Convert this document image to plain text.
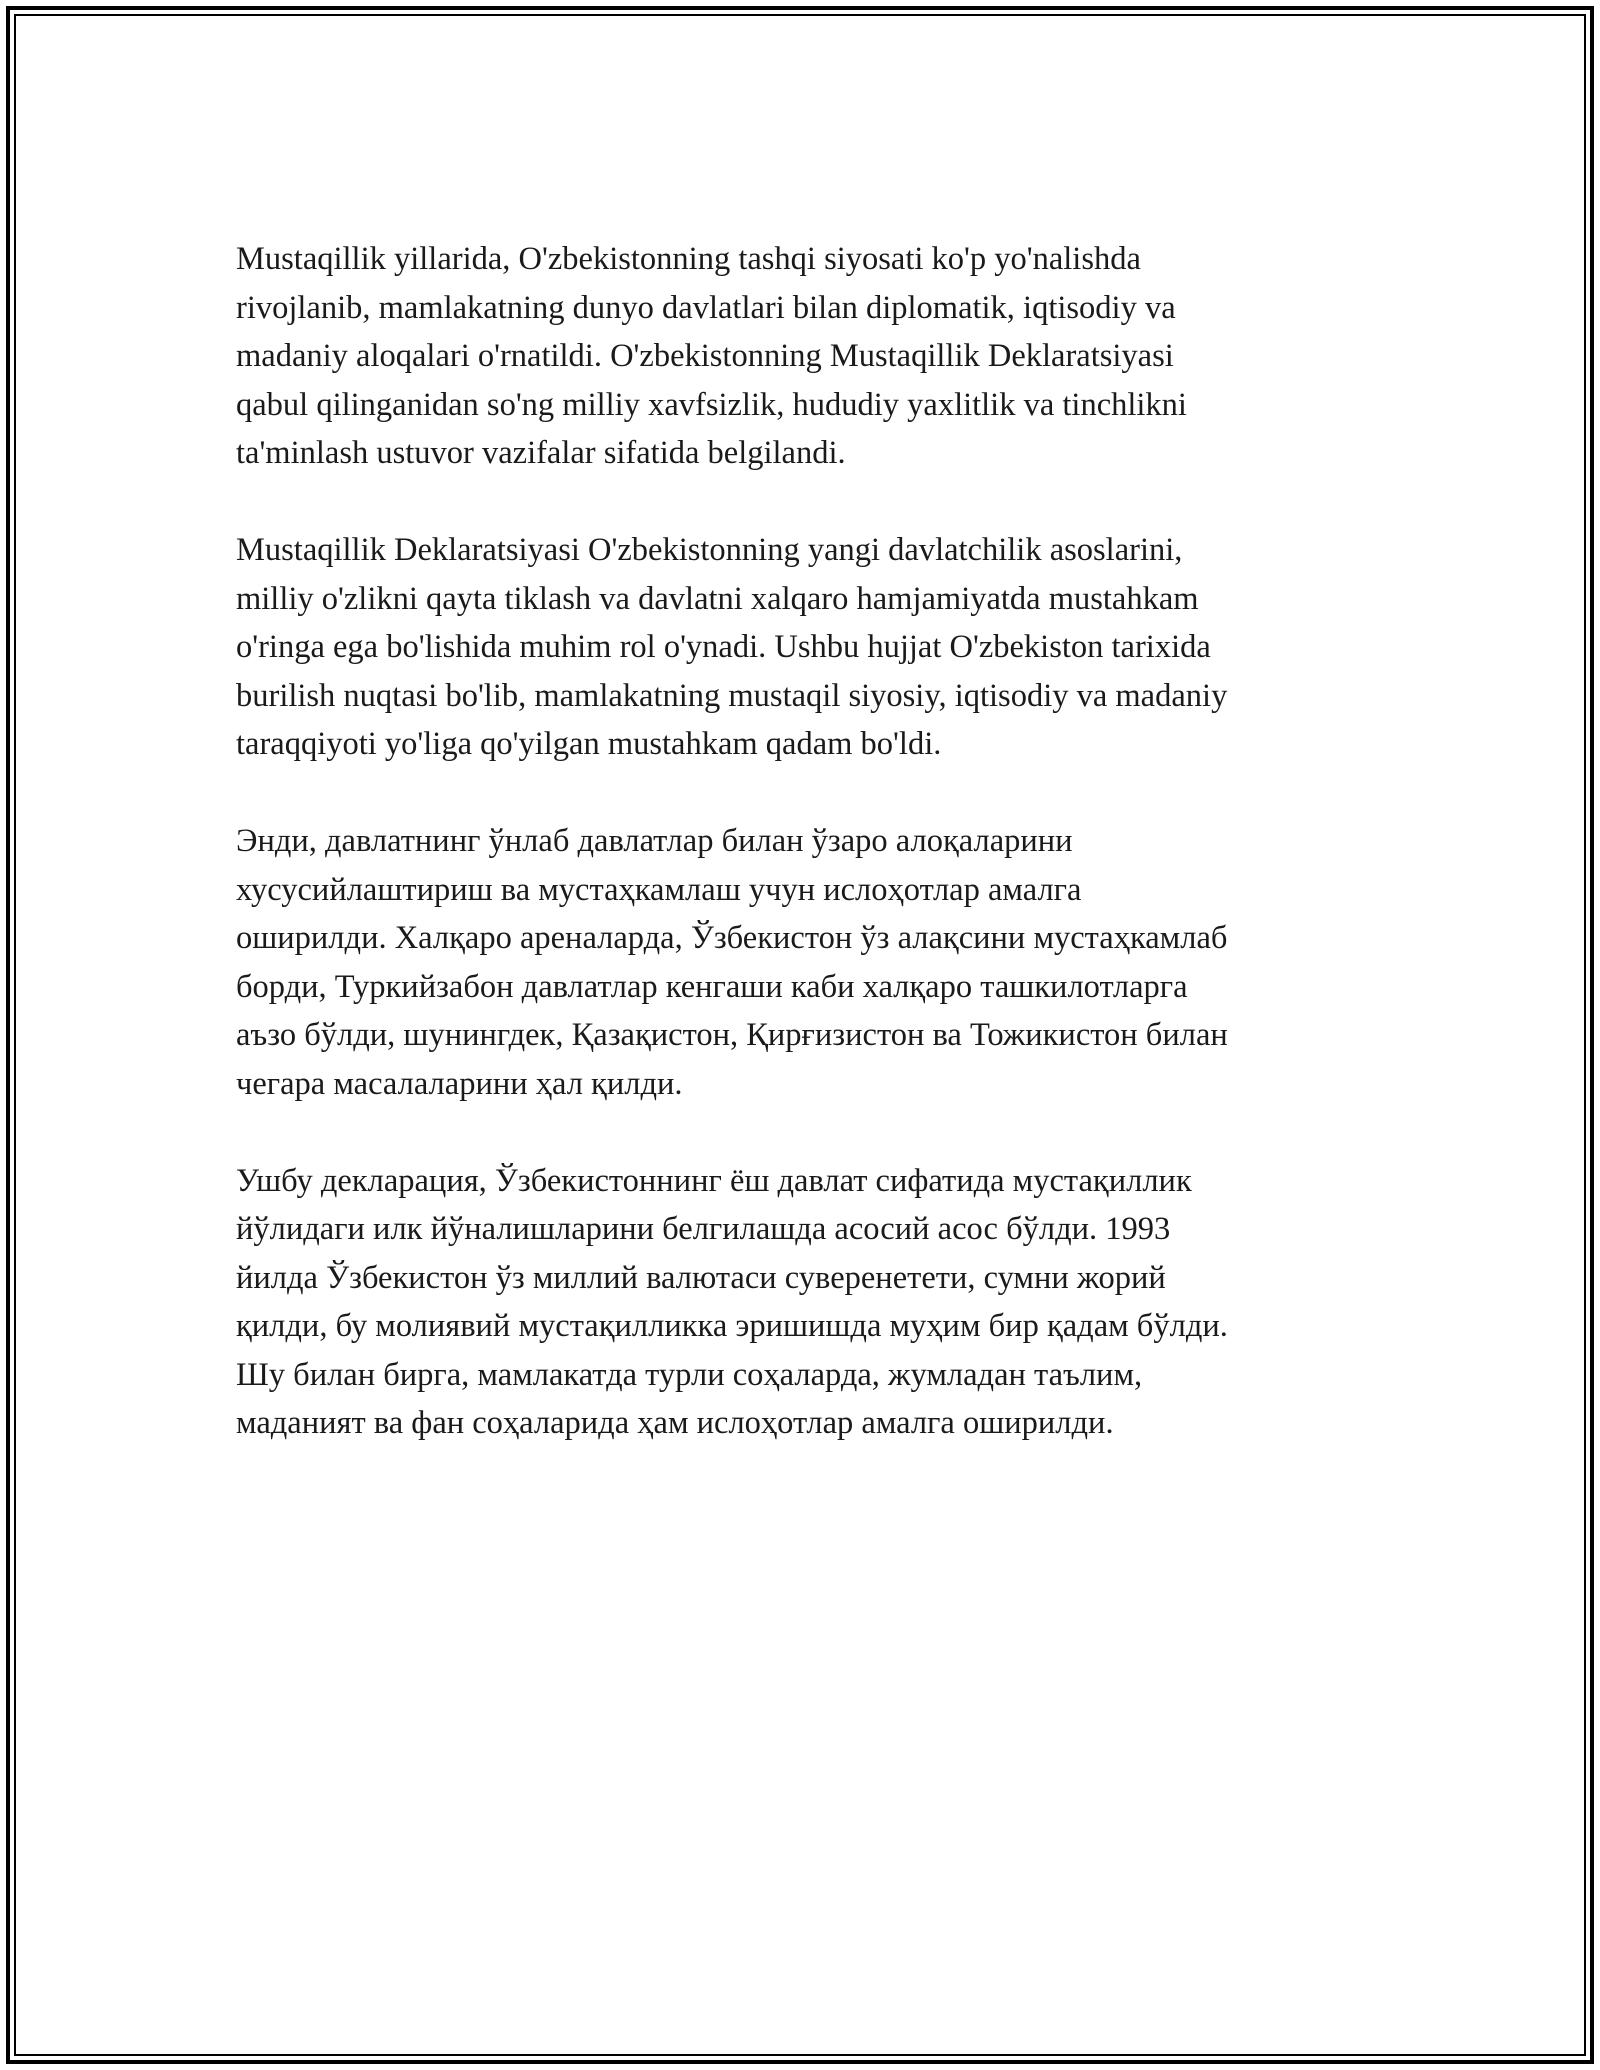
Mustaqillik yillarida, O'zbekistonning tashqi siyosati ko'p yo'nalishda
rivojlanib, mamlakatning dunyo davlatlari bilan diplomatik, iqtisodiy va
madaniy aloqalari o'rnatildi. O'zbekistonning Mustaqillik Deklaratsiyasi
qabul qilinganidan so'ng milliy xavfsizlik, hududiy yaxlitlik va tinchlikni
ta'minlash ustuvor vazifalar sifatida belgilandi.

Mustaqillik Deklaratsiyasi O'zbekistonning yangi davlatchilik asoslarini,
milliy o'zlikni qayta tiklash va davlatni xalqaro hamjamiyatda mustahkam
o'ringa ega bo'lishida muhim rol o'ynadi. Ushbu hujjat O'zbekiston tarixida
burilish nuqtasi bo'lib, mamlakatning mustaqil siyosiy, iqtisodiy va madaniy
taraqqiyoti yo'liga qo'yilgan mustahkam qadam bo'ldi.

Энди, давлатнинг ўнлаб давлатлар билан ўзаро алоқаларини
хусусийлаштириш ва мустаҳкамлаш учун ислоҳотлар амалга
оширилди. Халқаро ареналарда, Ўзбекистон ўз алақсини мустаҳкамлаб
борди, Туркийзабон давлатлар кенгаши каби халқаро ташкилотларга
аъзо бўлди, шунингдек, Қазақистон, Қирғизистон ва Тожикистон билан
чегара масалаларини ҳал қилди.

Ушбу декларация, Ўзбекистоннинг ёш давлат сифатида мустақиллик
йўлидаги илк йўналишларини белгилашда асосий асос бўлди. 1993
йилда Ўзбекистон ўз миллий валютаси суверенетети, сумни жорий
қилди, бу молиявий мустақилликка эришишда муҳим бир қадам бўлди.
Шу билан бирга, мамлакатда турли соҳаларда, жумладан таълим,
маданият ва фан соҳаларида ҳам ислоҳотлар амалга оширилди.
